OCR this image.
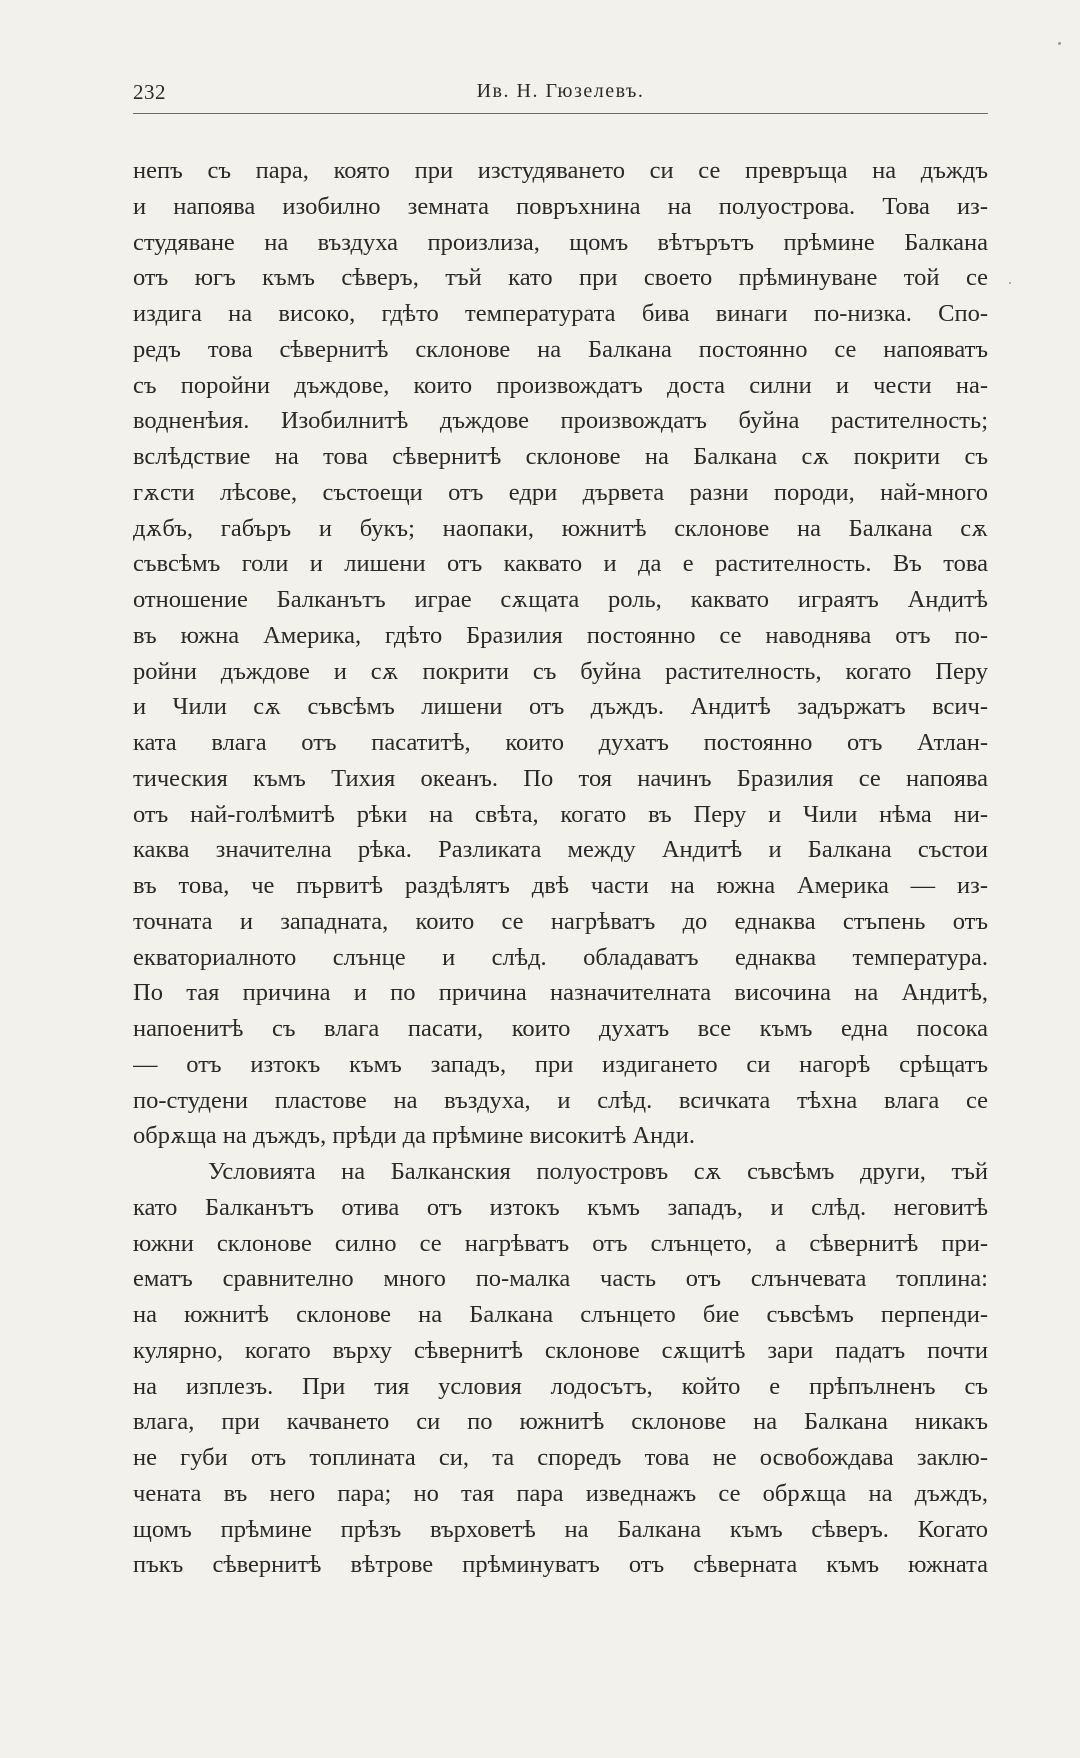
232	Ив. Н. Гюзелевъ.
непъ съ пара, която при изстудяването си се превръща на дъждъ
и напоява изобилно земната повръхнина на полуострова. Това из-
студяване на въздуха произлиза, щомъ вѣтърътъ прѣмине Балкана
отъ югъ къмъ сѣверъ, тъй като при своето прѣминуване той се
издига на високо, гдѣто температурата бива винаги по-низка. Спо-
редъ това сѣвернитѣ склонове на Балкана постоянно се напояватъ
съ поройни дъждове, които произвождатъ доста силни и чести на-
водненѣия. Изобилнитѣ дъждове произвождатъ буйна растителность;
вслѣдствие на това сѣвернитѣ склонове на Балкана сѫ покрити съ
гѫсти лѣсове, състоещи отъ едри дървета разни породи, най-много
дѫбъ, габъръ и букъ; наопаки, южнитѣ склонове на Балкана сѫ
съвсѣмъ голи и лишени отъ каквато и да е растителность. Въ това
отношение Балканътъ играе сѫщата роль, каквато играятъ Андитѣ
въ южна Америка, гдѣто Бразилия постоянно се наводнява отъ по-
ройни дъждове и сѫ покрити съ буйна растителность, когато Перу
и Чили сѫ съвсѣмъ лишени отъ дъждъ. Андитѣ задържатъ всич-
ката влага отъ пасатитѣ, които духатъ постоянно отъ Атлан-
тическия къмъ Тихия океанъ. По тоя начинъ Бразилия се напоява
отъ най-голѣмитѣ рѣки на свѣта, когато въ Перу и Чили нѣма ни-
каква значителна рѣка. Разликата между Андитѣ и Балкана състои
въ това, че първитѣ раздѣлятъ двѣ части на южна Америка — из-
точната и западната, които се нагрѣватъ до еднаква стъпень отъ
екваториалното слънце и слѣд. обладаватъ еднаква температура.
По тая причина и по причина назначителната височина на Андитѣ,
напоенитѣ съ влага пасати, които духатъ все къмъ една посока
— отъ изтокъ къмъ западъ, при издигането си нагорѣ срѣщатъ
по-студени пластове на въздуха, и слѣд. всичката тѣхна влага се
обрѫща на дъждъ, прѣди да прѣмине високитѣ Анди.
Условията на Балканския полуостровъ сѫ съвсѣмъ други, тъй
като Балканътъ отива отъ изтокъ къмъ западъ, и слѣд. неговитѣ
южни склонове силно се нагрѣватъ отъ слънцето, а сѣвернитѣ при-
ематъ сравнително много по-малка часть отъ слънчевата топлина:
на южнитѣ склонове на Балкана слънцето бие съвсѣмъ перпенди-
кулярно, когато върху сѣвернитѣ склонове сѫщитѣ зари падатъ почти
на изплезъ. При тия условия лодосътъ, който е прѣпълненъ съ
влага, при качването си по южнитѣ склонове на Балкана никакъ
не губи отъ топлината си, та споредъ това не освобождава заклю-
чената въ него пара; но тая пара изведнажъ се обрѫща на дъждъ,
щомъ прѣмине прѣзъ върховетѣ на Балкана къмъ сѣверъ. Когато
пъкъ сѣвернитѣ вѣтрове прѣминуватъ отъ сѣверната къмъ южната
